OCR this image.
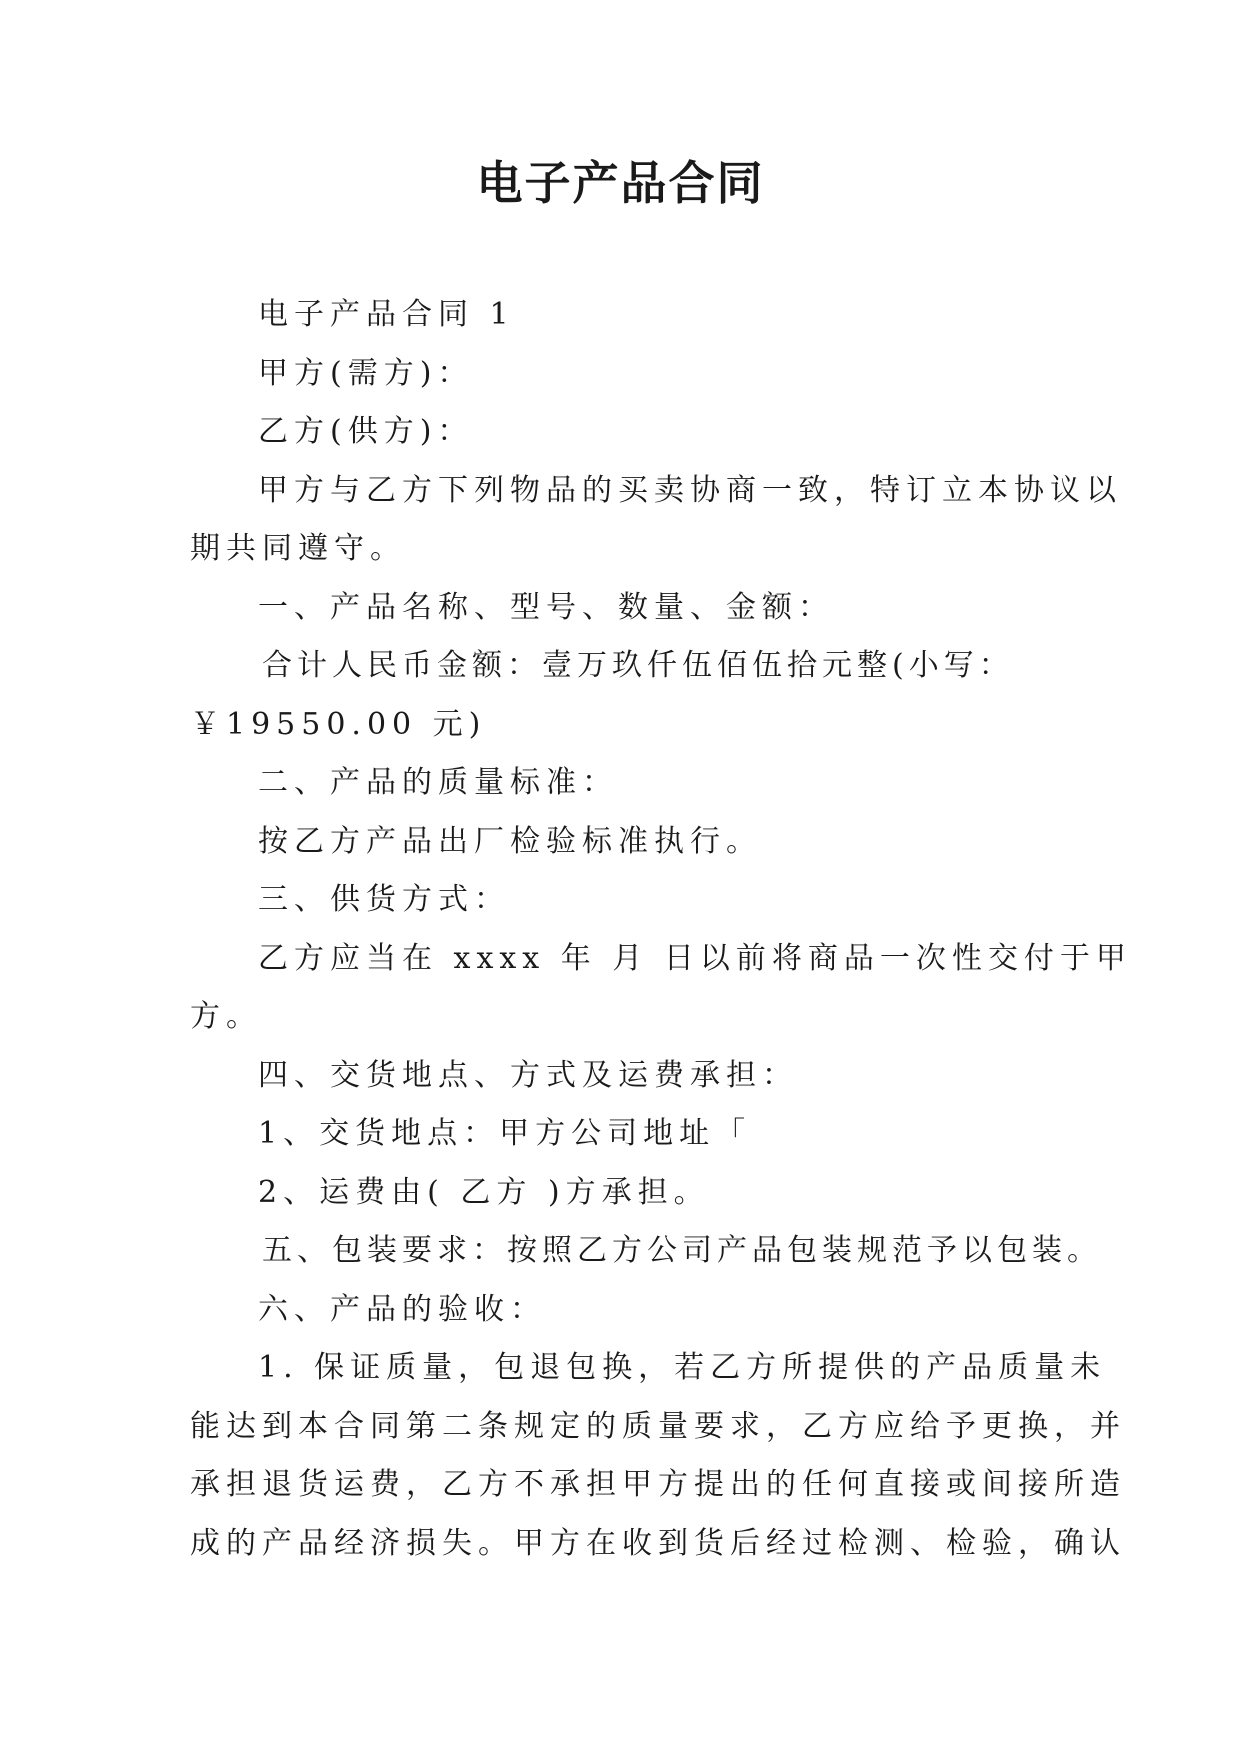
电子产品合同

电子产品合同 1

甲方(需方)：

乙方(供方)：

甲方与乙方下列物品的买卖协商一致，特订立本协议以

期共同遵守。

一、产品名称、型号、数量、金额：

合计人民币金额：壹万玖仟伍佰伍拾元整(小写：

￥19550.00 元)

二、产品的质量标准：

按乙方产品出厂检验标准执行。

三、供货方式：

乙方应当在 xxxx 年 月 日以前将商品一次性交付于甲

方。

四、交货地点、方式及运费承担：

1、交货地点：甲方公司地址「

2、运费由( 乙方 )方承担。

五、包装要求：按照乙方公司产品包装规范予以包装。

六、产品的验收：

1. 保证质量，包退包换，若乙方所提供的产品质量未

能达到本合同第二条规定的质量要求，乙方应给予更换，并

承担退货运费，乙方不承担甲方提出的任何直接或间接所造

成的产品经济损失。甲方在收到货后经过检测、检验，确认
